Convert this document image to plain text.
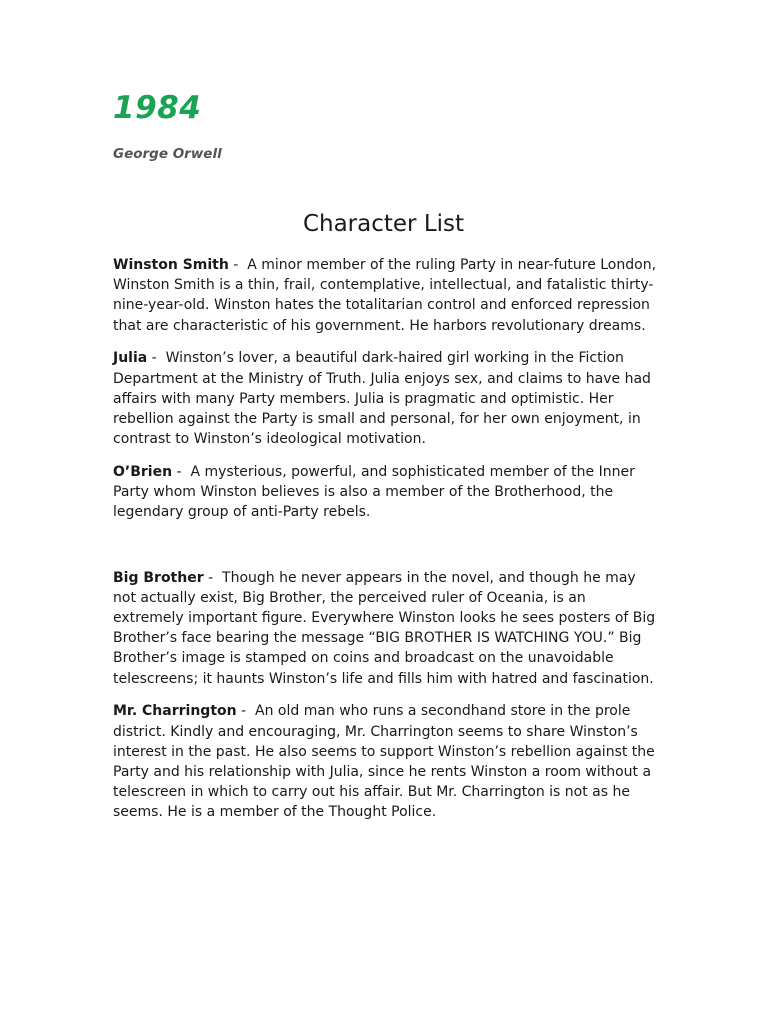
1984

George Orwell

Character List

Winston Smith -  A minor member of the ruling Party in near-future London, Winston Smith is a thin, frail, contemplative, intellectual, and fatalistic thirty-nine-year-old. Winston hates the totalitarian control and enforced repression that are characteristic of his government. He harbors revolutionary dreams.

Julia -  Winston’s lover, a beautiful dark-haired girl working in the Fiction Department at the Ministry of Truth. Julia enjoys sex, and claims to have had affairs with many Party members. Julia is pragmatic and optimistic. Her rebellion against the Party is small and personal, for her own enjoyment, in contrast to Winston’s ideological motivation.

O’Brien -  A mysterious, powerful, and sophisticated member of the Inner Party whom Winston believes is also a member of the Brotherhood, the legendary group of anti-Party rebels.

Big Brother -  Though he never appears in the novel, and though he may not actually exist, Big Brother, the perceived ruler of Oceania, is an extremely important figure. Everywhere Winston looks he sees posters of Big Brother’s face bearing the message “BIG BROTHER IS WATCHING YOU.” Big Brother’s image is stamped on coins and broadcast on the unavoidable telescreens; it haunts Winston’s life and fills him with hatred and fascination.

Mr. Charrington -  An old man who runs a secondhand store in the prole district. Kindly and encouraging, Mr. Charrington seems to share Winston’s interest in the past. He also seems to support Winston’s rebellion against the Party and his relationship with Julia, since he rents Winston a room without a telescreen in which to carry out his affair. But Mr. Charrington is not as he seems. He is a member of the Thought Police.
